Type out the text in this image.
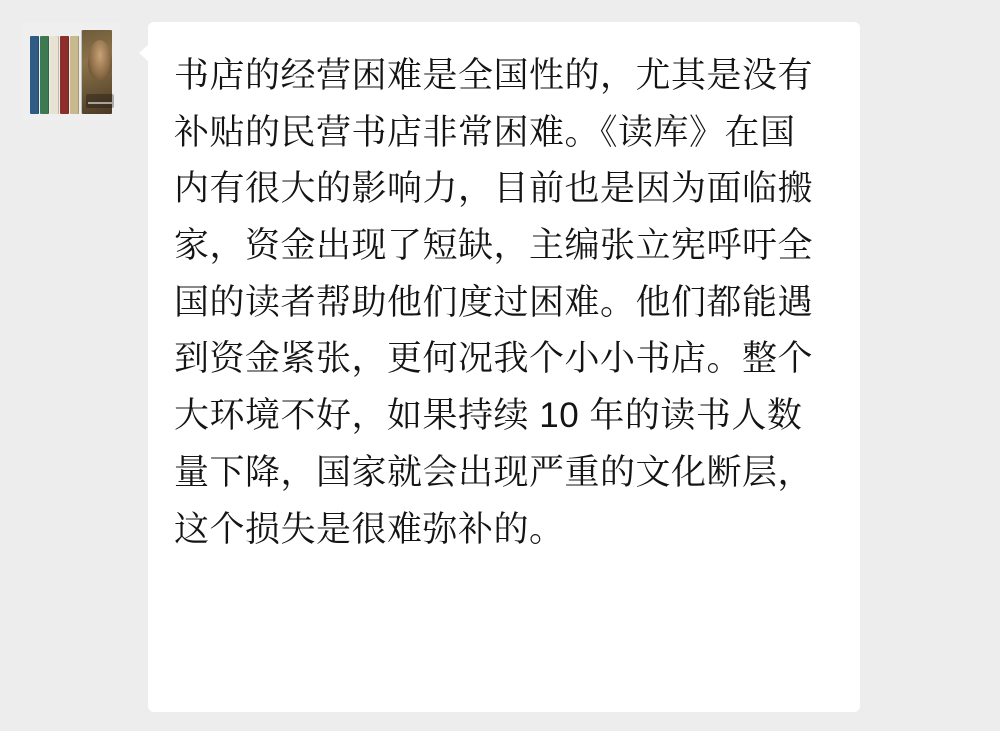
书店的经营困难是全国性的，尤其是没有补贴的民营书店非常困难。《读库》在国内有很大的影响力，目前也是因为面临搬家，资金出现了短缺，主编张立宪呼吁全国的读者帮助他们度过困难。他们都能遇到资金紧张，更何况我个小小书店。整个大环境不好，如果持续 10 年的读书人数量下降，国家就会出现严重的文化断层，这个损失是很难弥补的。
